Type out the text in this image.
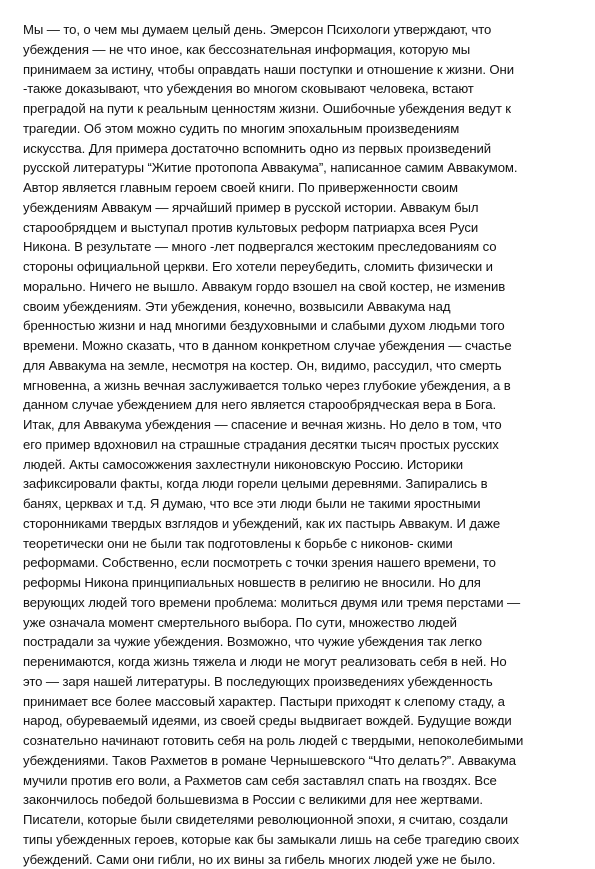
Мы — то, о чем мы думаем целый день. Эмерсон Психологи утверждают, что
убеждения — не что иное, как бессознательная информация, которую мы
принимаем за истину, чтобы оправдать наши поступки и отношение к жизни. Они
-также доказывают, что убеждения во многом сковывают человека, встают
преградой на пути к реальным ценностям жизни. Ошибочные убеждения ведут к
трагедии. Об этом можно судить по многим эпохальным произведениям
искусства. Для примера достаточно вспомнить одно из первых произведений
русской литературы “Житие протопопа Аввакума”, написанное самим Аввакумом.
Автор является главным героем своей книги. По приверженности своим
убеждениям Аввакум — ярчайший пример в русской истории. Аввакум был
старообрядцем и выступал против культовых реформ патриарха всея Руси
Никона. В результате — много -лет подвергался жестоким преследованиям со
стороны официальной церкви. Его хотели переубедить, сломить физически и
морально. Ничего не вышло. Аввакум гордо взошел на свой костер, не изменив
своим убеждениям. Эти убеждения, конечно, возвысили Аввакума над
бренностью жизни и над многими бездуховными и слабыми духом людьми того
времени. Можно сказать, что в данном конкретном случае убеждения — счастье
для Аввакума на земле, несмотря на костер. Он, видимо, рассудил, что смерть
мгновенна, а жизнь вечная заслуживается только через глубокие убеждения, а в
данном случае убеждением для него является старообрядческая вера в Бога.
Итак, для Аввакума убеждения — спасение и вечная жизнь. Но дело в том, что
его пример вдохновил на страшные страдания десятки тысяч простых русских
людей. Акты самосожжения захлестнули никоновскую Россию. Историки
зафиксировали факты, когда люди горели целыми деревнями. Запирались в
банях, церквах и т.д. Я думаю, что все эти люди были не такими яростными
сторонниками твердых взглядов и убеждений, как их пастырь Аввакум. И даже
теоретически они не были так подготовлены к борьбе с никонов- скими
реформами. Собственно, если посмотреть с точки зрения нашего времени, то
реформы Никона принципиальных новшеств в религию не вносили. Но для
верующих людей того времени проблема: молиться двумя или тремя перстами —
уже означала момент смертельного выбора. По сути, множество людей
пострадали за чужие убеждения. Возможно, что чужие убеждения так легко
перенимаются, когда жизнь тяжела и люди не могут реализовать себя в ней. Но
это — заря нашей литературы. В последующих произведениях убежденность
принимает все более массовый характер. Пастыри приходят к слепому стаду, а
народ, обуреваемый идеями, из своей среды выдвигает вождей. Будущие вожди
сознательно начинают готовить себя на роль людей с твердыми, непоколебимыми
убеждениями. Таков Рахметов в романе Чернышевского “Что делать?”. Аввакума
мучили против его воли, а Рахметов сам себя заставлял спать на гвоздях. Все
закончилось победой большевизма в России с великими для нее жертвами.
Писатели, которые были свидетелями революционной эпохи, я считаю, создали
типы убежденных героев, которые как бы замыкали лишь на себе трагедию своих
убеждений. Сами они гибли, но их вины за гибель многих людей уже не было.
